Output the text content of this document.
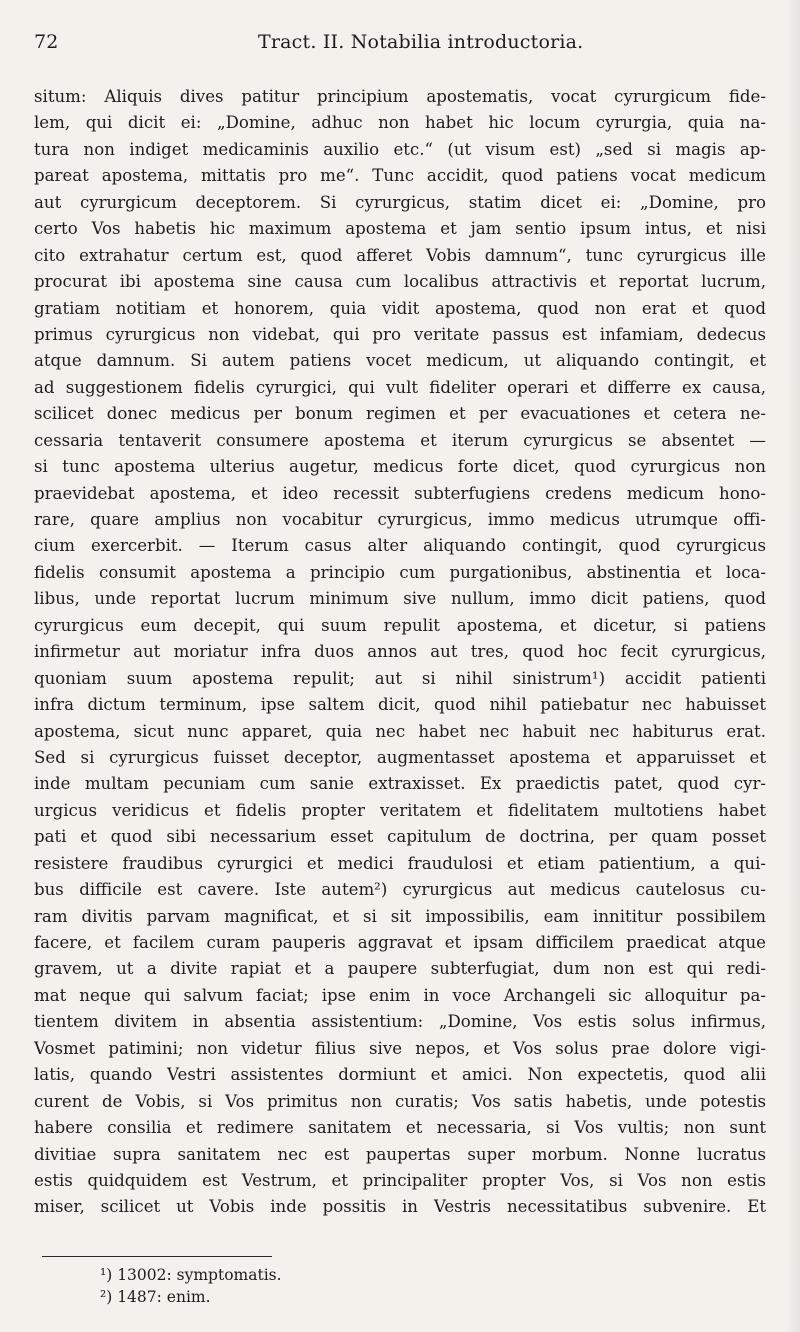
72	Tract. II. Notabilia introductoria.
situm: Aliquis dives patitur principium apostematis, vocat cyrurgicum fide-
lem, qui dicit ei: „Domine, adhuc non habet hic locum cyrurgia, quia na-
tura non indiget medicaminis auxilio etc.“ (ut visum est) „sed si magis ap-
pareat apostema, mittatis pro me“. Tunc accidit, quod patiens vocat medicum
aut cyrurgicum deceptorem. Si cyrurgicus, statim dicet ei: „Domine, pro
certo Vos habetis hic maximum apostema et jam sentio ipsum intus, et nisi
cito extrahatur certum est, quod afferet Vobis damnum“, tunc cyrurgicus ille
procurat ibi apostema sine causa cum localibus attractivis et reportat lucrum,
gratiam notitiam et honorem, quia vidit apostema, quod non erat et quod
primus cyrurgicus non videbat, qui pro veritate passus est infamiam, dedecus
atque damnum. Si autem patiens vocet medicum, ut aliquando contingit, et
ad suggestionem fidelis cyrurgici, qui vult fideliter operari et differre ex causa,
scilicet donec medicus per bonum regimen et per evacuationes et cetera ne-
cessaria tentaverit consumere apostema et iterum cyrurgicus se absentet —
si tunc apostema ulterius augetur, medicus forte dicet, quod cyrurgicus non
praevidebat apostema, et ideo recessit subterfugiens credens medicum hono-
rare, quare amplius non vocabitur cyrurgicus, immo medicus utrumque offi-
cium exercerbit. — Iterum casus alter aliquando contingit, quod cyrurgicus
fidelis consumit apostema a principio cum purgationibus, abstinentia et loca-
libus, unde reportat lucrum minimum sive nullum, immo dicit patiens, quod
cyrurgicus eum decepit, qui suum repulit apostema, et dicetur, si patiens
infirmetur aut moriatur infra duos annos aut tres, quod hoc fecit cyrurgicus,
quoniam suum apostema repulit; aut si nihil sinistrum¹) accidit patienti
infra dictum terminum, ipse saltem dicit, quod nihil patiebatur nec habuisset
apostema, sicut nunc apparet, quia nec habet nec habuit nec habiturus erat.
Sed si cyrurgicus fuisset deceptor, augmentasset apostema et apparuisset et
inde multam pecuniam cum sanie extraxisset. Ex praedictis patet, quod cyr-
urgicus veridicus et fidelis propter veritatem et fidelitatem multotiens habet
pati et quod sibi necessarium esset capitulum de doctrina, per quam posset
resistere fraudibus cyrurgici et medici fraudulosi et etiam patientium, a qui-
bus difficile est cavere. Iste autem²) cyrurgicus aut medicus cautelosus cu-
ram divitis parvam magnificat, et si sit impossibilis, eam innititur possibilem
facere, et facilem curam pauperis aggravat et ipsam difficilem praedicat atque
gravem, ut a divite rapiat et a paupere subterfugiat, dum non est qui redi-
mat neque qui salvum faciat; ipse enim in voce Archangeli sic alloquitur pa-
tientem divitem in absentia assistentium: „Domine, Vos estis solus infirmus,
Vosmet patimini; non videtur filius sive nepos, et Vos solus prae dolore vigi-
latis, quando Vestri assistentes dormiunt et amici. Non expectetis, quod alii
curent de Vobis, si Vos primitus non curatis; Vos satis habetis, unde potestis
habere consilia et redimere sanitatem et necessaria, si Vos vultis; non sunt
divitiae supra sanitatem nec est paupertas super morbum. Nonne lucratus
estis quidquidem est Vestrum, et principaliter propter Vos, si Vos non estis
miser, scilicet ut Vobis inde possitis in Vestris necessitatibus subvenire. Et
¹) 13002: symptomatis.
²) 1487: enim.
